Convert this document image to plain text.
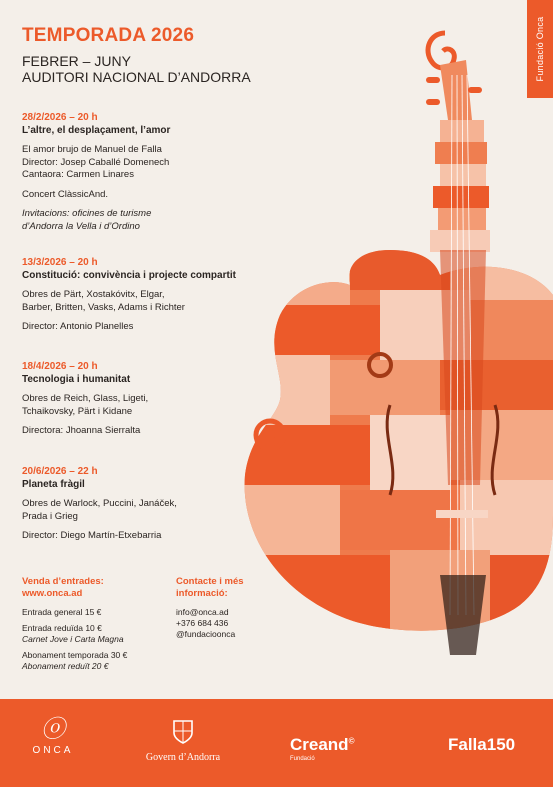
Fundació Onca
TEMPORADA 2026
FEBRER – JUNY
AUDITORI NACIONAL D’ANDORRA
28/2/2026 – 20 h
L’altre, el desplaçament, l’amor
El amor brujo de Manuel de Falla
Director: Josep Caballé Domenech
Cantaora: Carmen Linares
Concert ClàssicAnd.
Invitacions: oficines de turisme
d’Andorra la Vella i d’Ordino
13/3/2026 – 20 h
Constitució: convivència i projecte compartit
Obres de Pärt, Xostakóvitx, Elgar,
Barber, Britten, Vasks, Adams i Richter
Director: Antonio Planelles
18/4/2026 – 20 h
Tecnologia i humanitat
Obres de Reich, Glass, Ligeti,
Tchaikovsky, Pärt i Kidane
Directora: Jhoanna Sierralta
20/6/2026 – 22 h
Planeta fràgil
Obres de Warlock, Puccini, Janáček,
Prada i Grieg
Director: Diego Martín-Etxebarria
Venda d’entrades:
www.onca.ad
Entrada general 15 €
Entrada reduïda 10 €
Carnet Jove i Carta Magna
Abonament temporada 30 €
Abonament reduït 20 €
Contacte i més
informació:
info@onca.ad
+376 684 436
@fundacioonca
ⓞ
ONCA
Govern d’Andorra
Creand©
Fundació
Falla150
